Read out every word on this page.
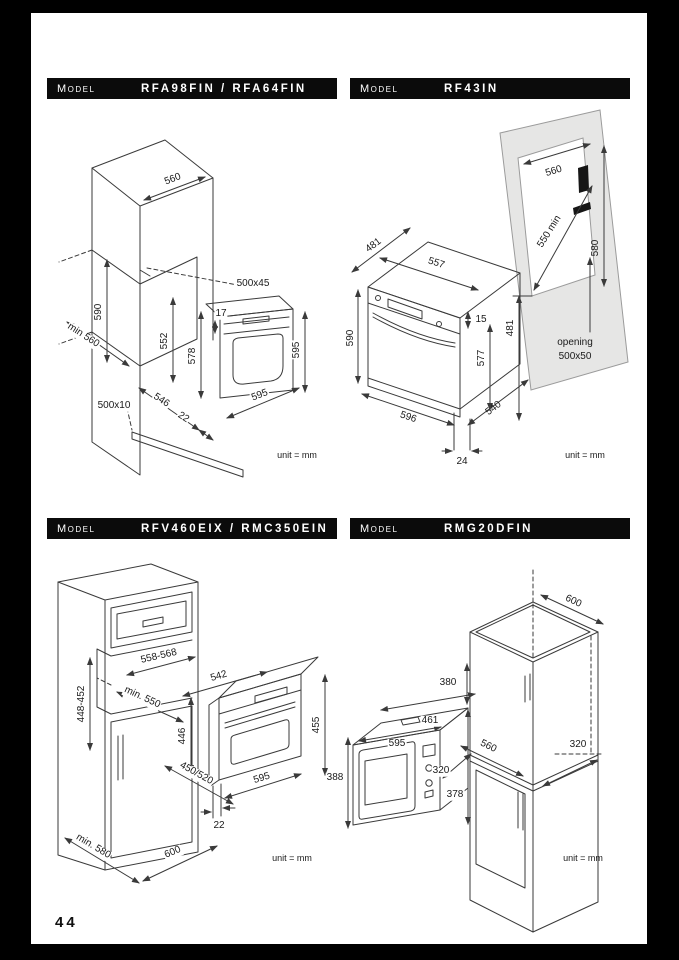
Model	RFA98FIN / RFA64FIN	Model	RF43IN
Model	RFV460EIX / RMC350EIN	Model	RMG20DFIN
560
500x45
17
590
min 560	552
578
546
22
500x10
595
595
unit = mm
481
557
590
15
577
481
596	540
24
560
550 min	580
opening
500x50
unit = mm
558-568
448-452	min. 550
542
446
455
450/520	595
22
min. 580	600	unit = mm
600
380
560	320
461
595
320
378
388
unit = mm
44
